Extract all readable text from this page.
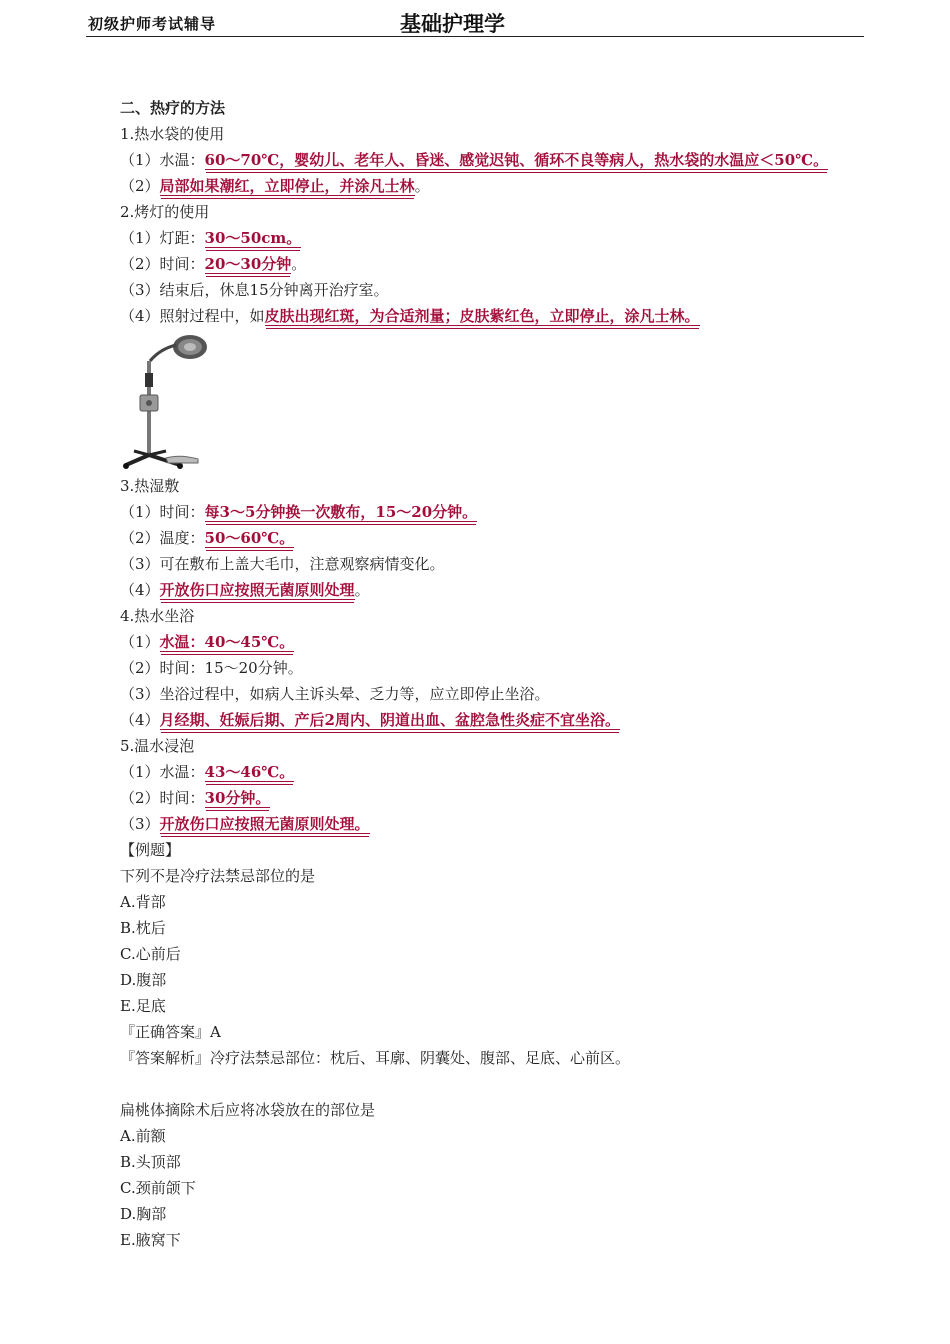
初级护师考试辅导	基础护理学
二、热疗的方法
1.热水袋的使用
（1）水温：60～70℃，婴幼儿、老年人、昏迷、感觉迟钝、循环不良等病人，热水袋的水温应＜50℃。
（2）局部如果潮红，立即停止，并涂凡士林。
2.烤灯的使用
（1）灯距：30～50cm。
（2）时间：20～30分钟。
（3）结束后，休息15分钟离开治疗室。
（4）照射过程中，如皮肤出现红斑，为合适剂量；皮肤紫红色，立即停止，涂凡士林。
3.热湿敷
（1）时间：每3～5分钟换一次敷布，15～20分钟。
（2）温度：50～60℃。
（3）可在敷布上盖大毛巾，注意观察病情变化。
（4）开放伤口应按照无菌原则处理。
4.热水坐浴
（1）水温：40～45℃。
（2）时间：15～20分钟。
（3）坐浴过程中，如病人主诉头晕、乏力等，应立即停止坐浴。
（4）月经期、妊娠后期、产后2周内、阴道出血、盆腔急性炎症不宜坐浴。
5.温水浸泡
（1）水温：43～46℃。
（2）时间：30分钟。
（3）开放伤口应按照无菌原则处理。
【例题】
下列不是冷疗法禁忌部位的是
A.背部
B.枕后
C.心前后
D.腹部
E.足底
『正确答案』A
『答案解析』冷疗法禁忌部位：枕后、耳廓、阴囊处、腹部、足底、心前区。
扁桃体摘除术后应将冰袋放在的部位是
A.前额
B.头顶部
C.颈前颌下
D.胸部
E.腋窝下
